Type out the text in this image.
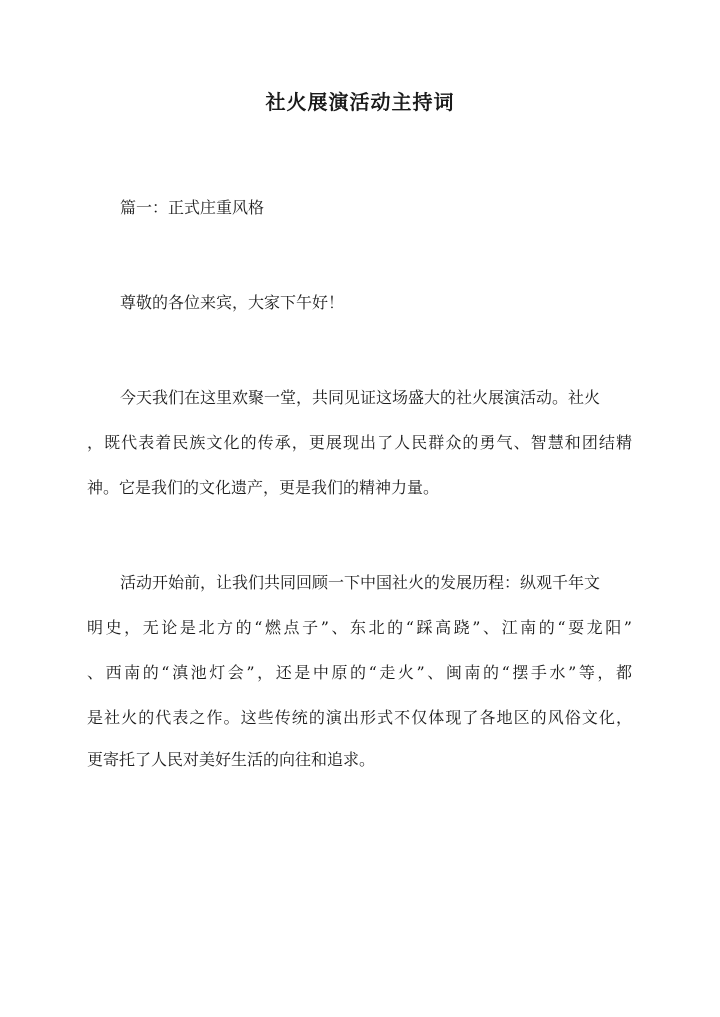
社火展演活动主持词
篇一：正式庄重风格
尊敬的各位来宾，大家下午好！
今天我们在这里欢聚一堂，共同见证这场盛大的社火展演活动。社火
，既代表着民族文化的传承，更展现出了人民群众的勇气、智慧和团结精
神。它是我们的文化遗产，更是我们的精神力量。
活动开始前，让我们共同回顾一下中国社火的发展历程：纵观千年文
明史，无论是北方的“燃点子”、东北的“踩高跷”、江南的“耍龙阳”
、西南的“滇池灯会”，还是中原的“走火”、闽南的“摆手水”等，都
是社火的代表之作。这些传统的演出形式不仅体现了各地区的风俗文化，
更寄托了人民对美好生活的向往和追求。
